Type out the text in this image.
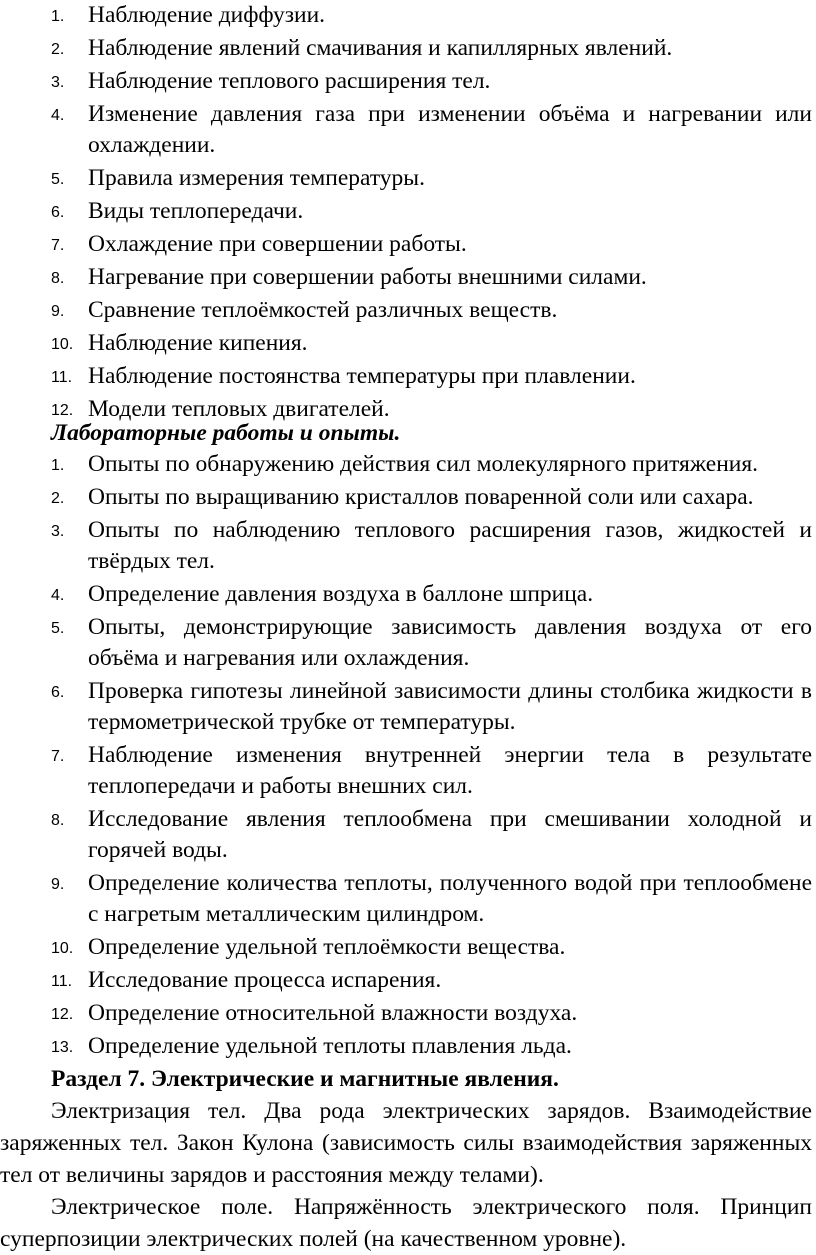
1. Наблюдение диффузии.
2. Наблюдение явлений смачивания и капиллярных явлений.
3. Наблюдение теплового расширения тел.
4. Изменение давления газа при изменении объёма и нагревании или охлаждении.
5. Правила измерения температуры.
6. Виды теплопередачи.
7. Охлаждение при совершении работы.
8. Нагревание при совершении работы внешними силами.
9. Сравнение теплоёмкостей различных веществ.
10. Наблюдение кипения.
11. Наблюдение постоянства температуры при плавлении.
12. Модели тепловых двигателей.

Лабораторные работы и опыты.

1. Опыты по обнаружению действия сил молекулярного притяжения.
2. Опыты по выращиванию кристаллов поваренной соли или сахара.
3. Опыты по наблюдению теплового расширения газов, жидкостей и твёрдых тел.
4. Определение давления воздуха в баллоне шприца.
5. Опыты, демонстрирующие зависимость давления воздуха от его объёма и нагревания или охлаждения.
6. Проверка гипотезы линейной зависимости длины столбика жидкости в термометрической трубке от температуры.
7. Наблюдение изменения внутренней энергии тела в результате теплопередачи и работы внешних сил.
8. Исследование явления теплообмена при смешивании холодной и горячей воды.
9. Определение количества теплоты, полученного водой при теплообмене с нагретым металлическим цилиндром.
10. Определение удельной теплоёмкости вещества.
11. Исследование процесса испарения.
12. Определение относительной влажности воздуха.
13. Определение удельной теплоты плавления льда.

Раздел 7. Электрические и магнитные явления.

Электризация тел. Два рода электрических зарядов. Взаимодействие заряженных тел. Закон Кулона (зависимость силы взаимодействия заряженных тел от величины зарядов и расстояния между телами).

Электрическое поле. Напряжённость электрического поля. Принцип суперпозиции электрических полей (на качественном уровне).
